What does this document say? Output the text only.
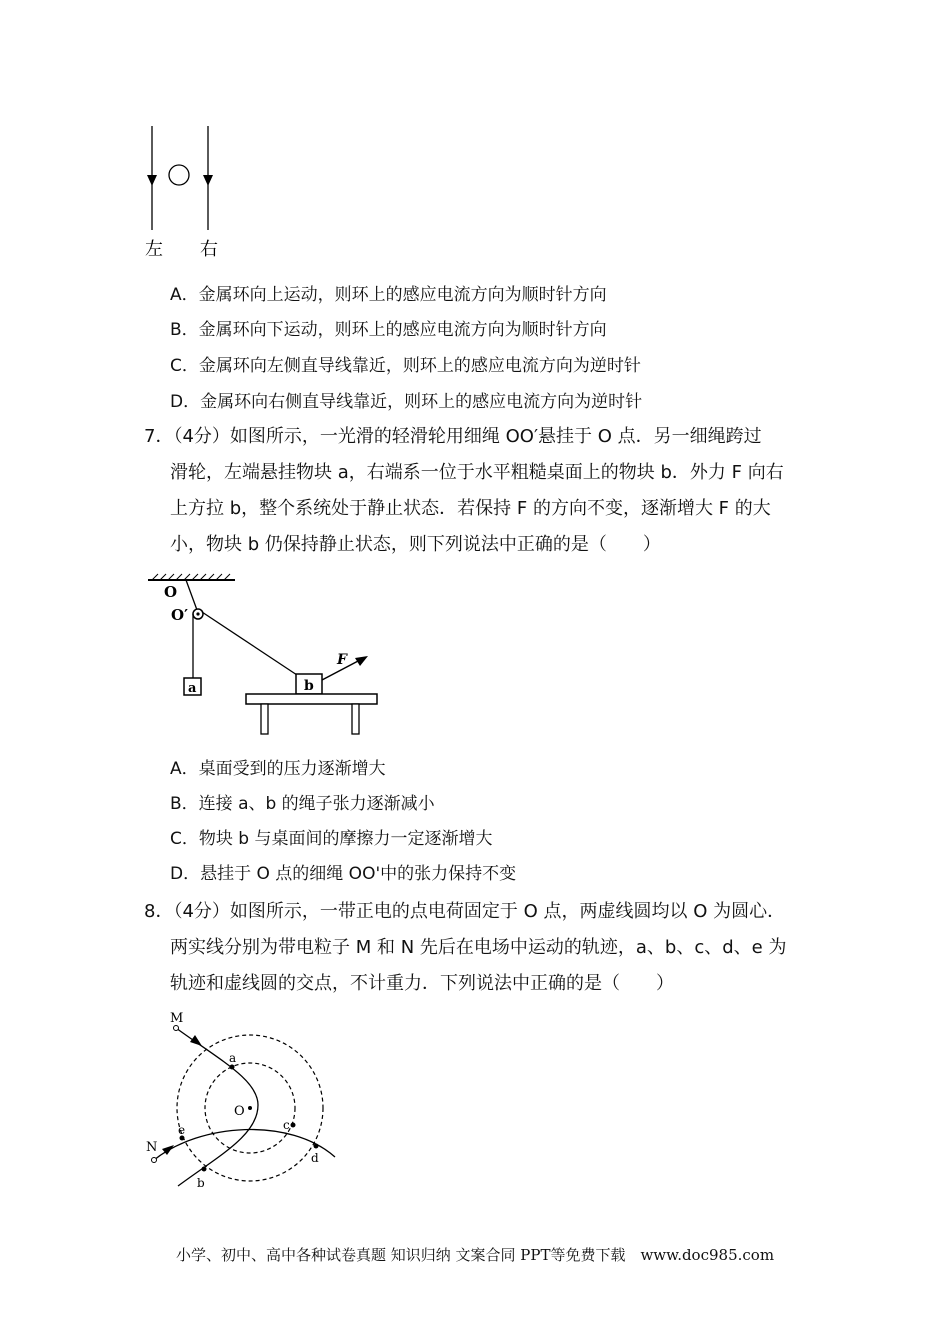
左 右
A．金属环向上运动，则环上的感应电流方向为顺时针方向
B．金属环向下运动，则环上的感应电流方向为顺时针方向
C．金属环向左侧直导线靠近，则环上的感应电流方向为逆时针
D．金属环向右侧直导线靠近，则环上的感应电流方向为逆时针
7．（4分）如图所示，一光滑的轻滑轮用细绳 OO′悬挂于 O 点．另一细绳跨过
滑轮，左端悬挂物块 a，右端系一位于水平粗糙桌面上的物块 b．外力 F 向右
上方拉 b，整个系统处于静止状态．若保持 F 的方向不变，逐渐增大 F 的大
小，物块 b 仍保持静止状态，则下列说法中正确的是（　　）
O
O′
a	b
F
A．桌面受到的压力逐渐增大
B．连接 a、b 的绳子张力逐渐减小
C．物块 b 与桌面间的摩擦力一定逐渐增大
D．悬挂于 O 点的细绳 OO'中的张力保持不变
8．（4分）如图所示，一带正电的点电荷固定于 O 点，两虚线圆均以 O 为圆心．
两实线分别为带电粒子 M 和 N 先后在电场中运动的轨迹，a、b、c、d、e 为
轨迹和虚线圆的交点，不计重力．下列说法中正确的是（　　）
O
M
N
a
b
c
d
e
小学、初中、高中各种试卷真题 知识归纳 文案合同 PPT等免费下载　www.doc985.com
